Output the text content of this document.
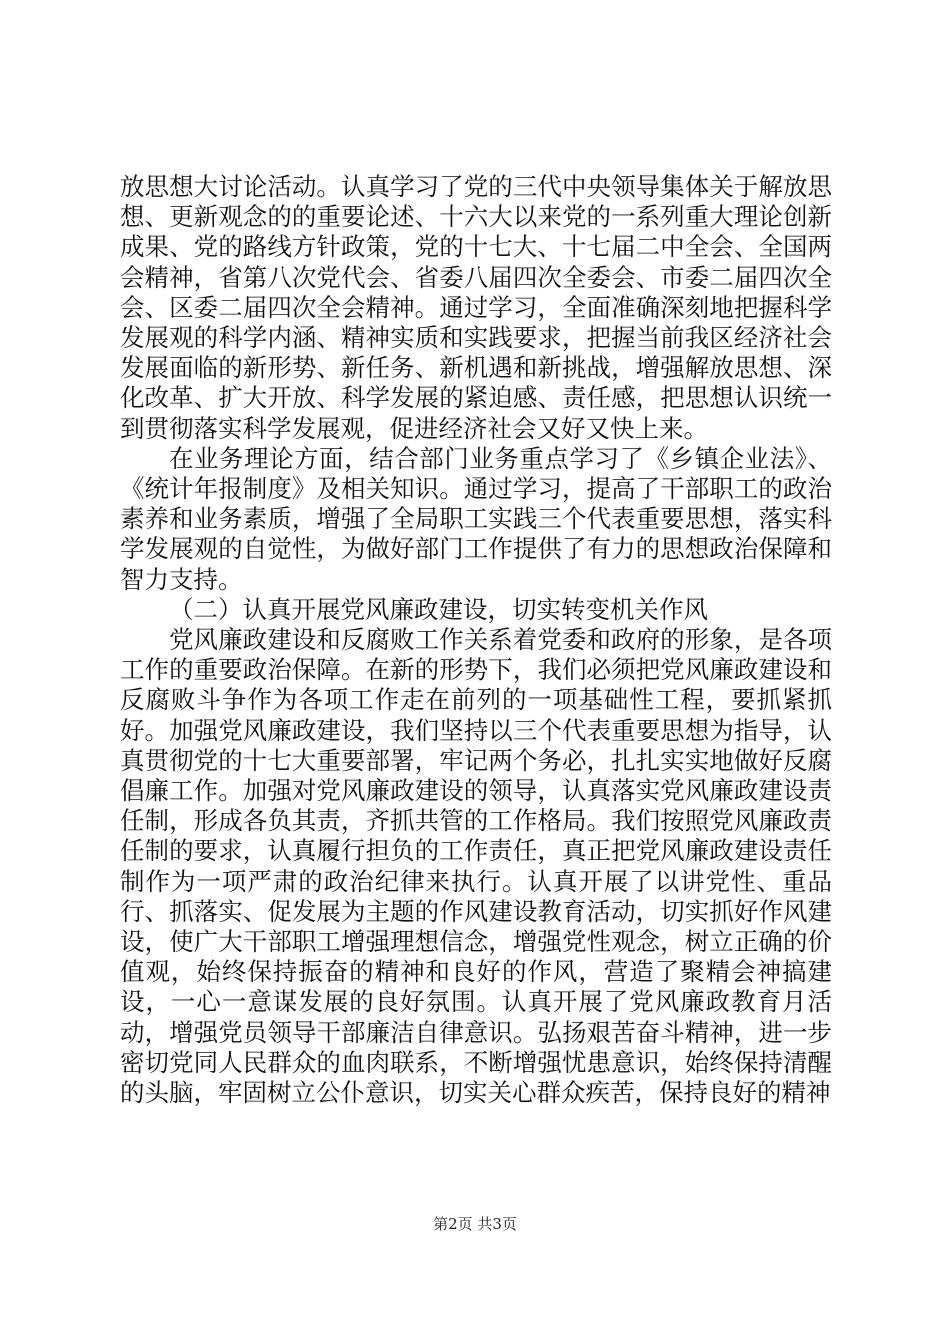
放思想大讨论活动。认真学习了党的三代中央领导集体关于解放思想、更新观念的的重要论述、十六大以来党的一系列重大理论创新成果、党的路线方针政策，党的十七大、十七届二中全会、全国两会精神，省第八次党代会、省委八届四次全委会、市委二届四次全会、区委二届四次全会精神。通过学习，全面准确深刻地把握科学发展观的科学内涵、精神实质和实践要求，把握当前我区经济社会发展面临的新形势、新任务、新机遇和新挑战，增强解放思想、深化改革、扩大开放、科学发展的紧迫感、责任感，把思想认识统一到贯彻落实科学发展观，促进经济社会又好又快上来。

在业务理论方面，结合部门业务重点学习了《乡镇企业法》、《统计年报制度》及相关知识。通过学习，提高了干部职工的政治素养和业务素质，增强了全局职工实践三个代表重要思想，落实科学发展观的自觉性，为做好部门工作提供了有力的思想政治保障和智力支持。

（二）认真开展党风廉政建设，切实转变机关作风

党风廉政建设和反腐败工作关系着党委和政府的形象，是各项工作的重要政治保障。在新的形势下，我们必须把党风廉政建设和反腐败斗争作为各项工作走在前列的一项基础性工程，要抓紧抓好。加强党风廉政建设，我们坚持以三个代表重要思想为指导，认真贯彻党的十七大重要部署，牢记两个务必，扎扎实实地做好反腐倡廉工作。加强对党风廉政建设的领导，认真落实党风廉政建设责任制，形成各负其责，齐抓共管的工作格局。我们按照党风廉政责任制的要求，认真履行担负的工作责任，真正把党风廉政建设责任制作为一项严肃的政治纪律来执行。认真开展了以讲党性、重品行、抓落实、促发展为主题的作风建设教育活动，切实抓好作风建设，使广大干部职工增强理想信念，增强党性观念，树立正确的价值观，始终保持振奋的精神和良好的作风，营造了聚精会神搞建设，一心一意谋发展的良好氛围。认真开展了党风廉政教育月活动，增强党员领导干部廉洁自律意识。弘扬艰苦奋斗精神，进一步密切党同人民群众的血肉联系，不断增强忧患意识，始终保持清醒的头脑，牢固树立公仆意识，切实关心群众疾苦，保持良好的精神

第2页 共3页
